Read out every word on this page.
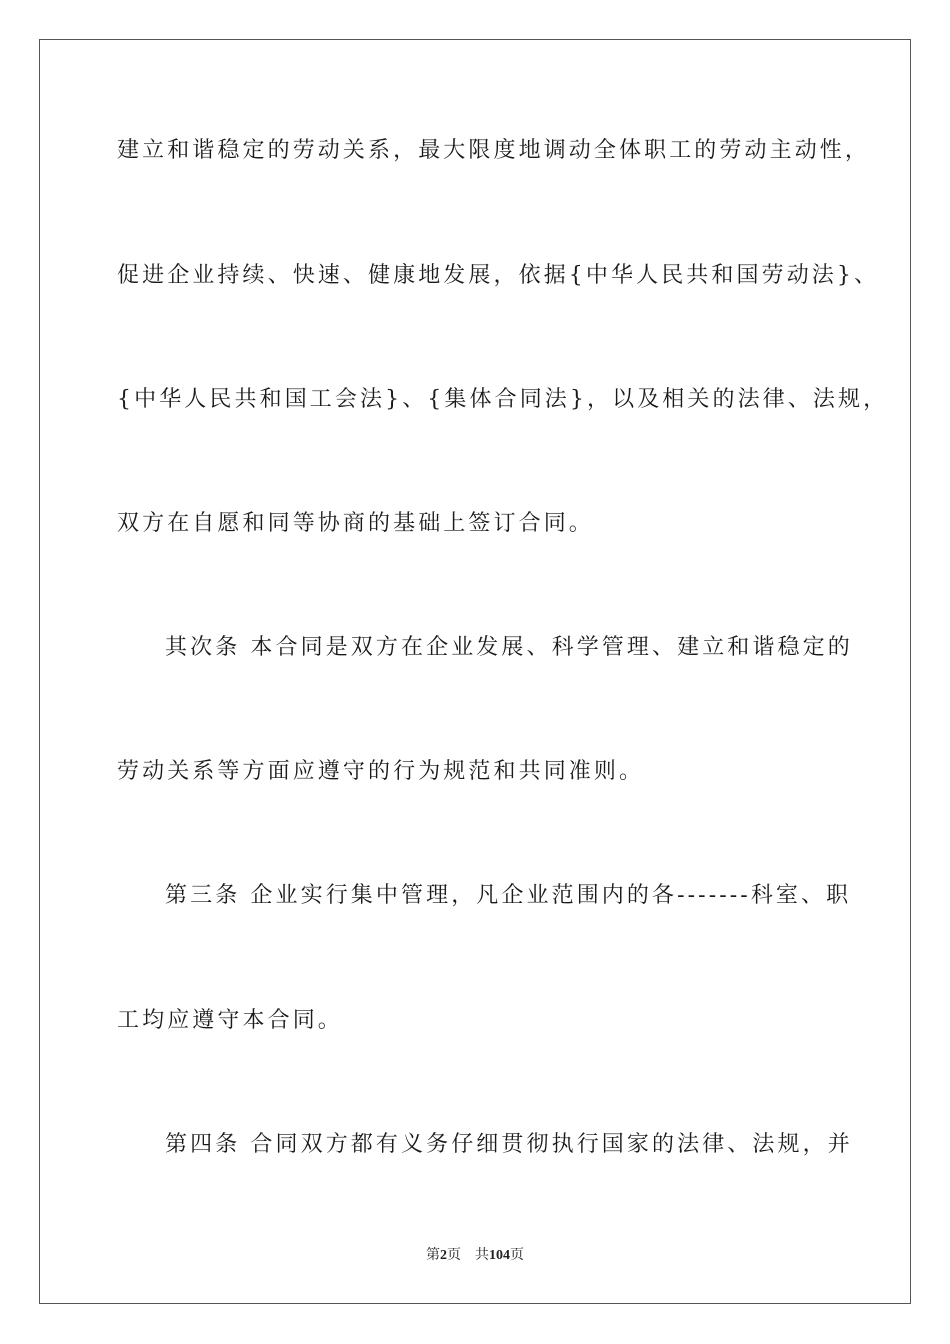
建立和谐稳定的劳动关系，最大限度地调动全体职工的劳动主动性，
促进企业持续、快速、健康地发展，依据{中华人民共和国劳动法}、
{中华人民共和国工会法}、{集体合同法}，以及相关的法律、法规，
双方在自愿和同等协商的基础上签订合同。
其次条 本合同是双方在企业发展、科学管理、建立和谐稳定的
劳动关系等方面应遵守的行为规范和共同准则。
第三条 企业实行集中管理，凡企业范围内的各-------科室、职
工均应遵守本合同。
第四条 合同双方都有义务仔细贯彻执行国家的法律、法规，并
第2页 共104页
